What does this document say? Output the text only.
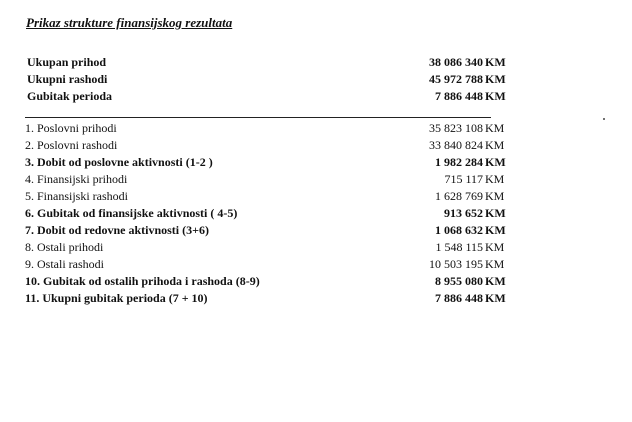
Prikaz strukture finansijskog rezultata
Ukupan prihod	38 086 340 KM
Ukupni rashodi	45 972 788 KM
Gubitak perioda	7 886 448 KM
1. Poslovni prihodi	35 823 108 KM
2. Poslovni rashodi	33 840 824 KM
3. Dobit od poslovne aktivnosti (1-2 )	1 982 284 KM
4. Finansijski prihodi	715 117 KM
5. Finansijski rashodi	1 628 769 KM
6. Gubitak od finansijske aktivnosti ( 4-5)	913 652 KM
7. Dobit od redovne aktivnosti (3+6)	1 068 632 KM
8. Ostali prihodi	1 548 115 KM
9. Ostali rashodi	10 503 195 KM
10. Gubitak od ostalih prihoda i rashoda (8-9)	8 955 080 KM
11. Ukupni gubitak perioda (7 + 10)	7 886 448 KM
